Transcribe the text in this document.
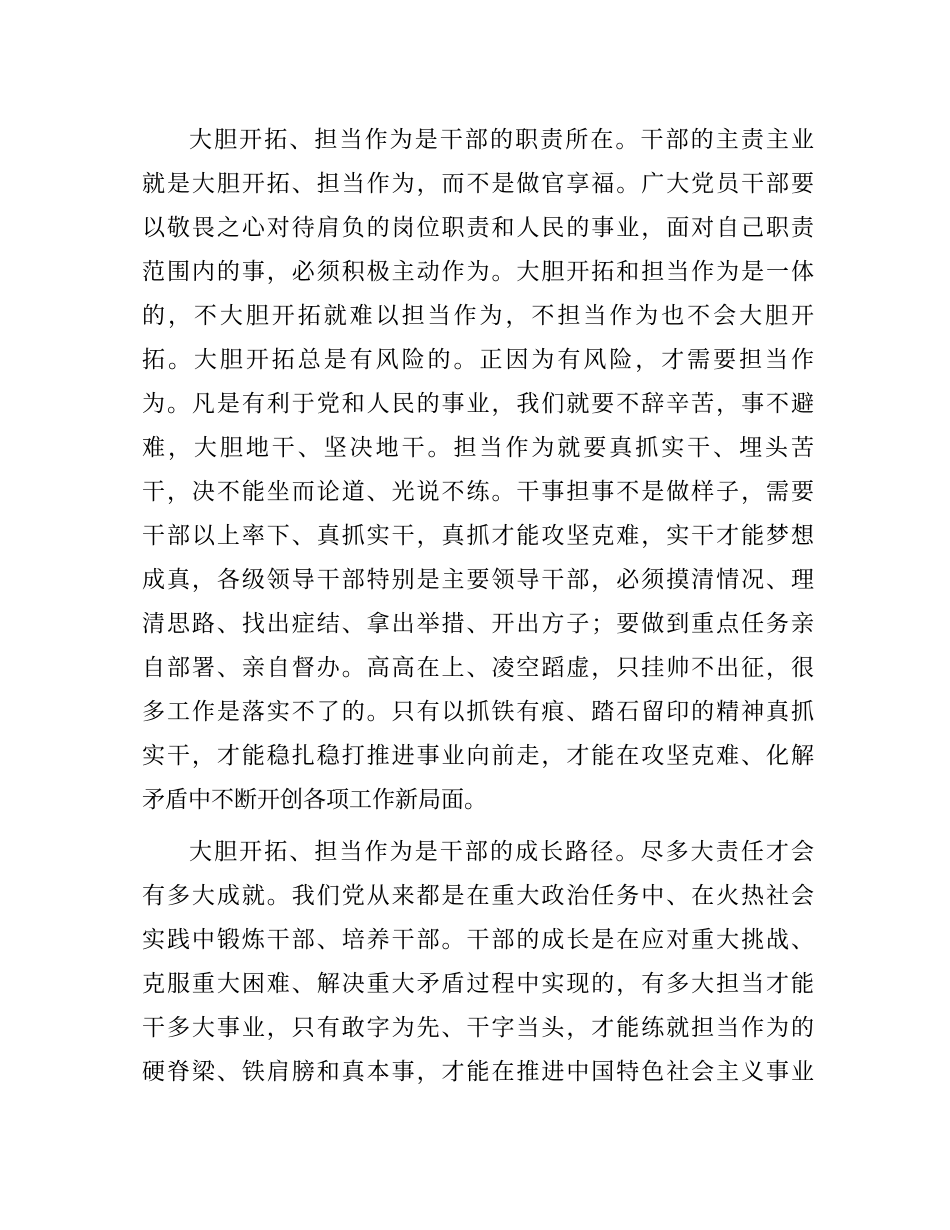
大胆开拓、担当作为是干部的职责所在。干部的主责主业
就是大胆开拓、担当作为，而不是做官享福。广大党员干部要
以敬畏之心对待肩负的岗位职责和人民的事业，面对自己职责
范围内的事，必须积极主动作为。大胆开拓和担当作为是一体
的，不大胆开拓就难以担当作为，不担当作为也不会大胆开
拓。大胆开拓总是有风险的。正因为有风险，才需要担当作
为。凡是有利于党和人民的事业，我们就要不辞辛苦，事不避
难，大胆地干、坚决地干。担当作为就要真抓实干、埋头苦
干，决不能坐而论道、光说不练。干事担事不是做样子，需要
干部以上率下、真抓实干，真抓才能攻坚克难，实干才能梦想
成真，各级领导干部特别是主要领导干部，必须摸清情况、理
清思路、找出症结、拿出举措、开出方子；要做到重点任务亲
自部署、亲自督办。高高在上、凌空蹈虚，只挂帅不出征，很
多工作是落实不了的。只有以抓铁有痕、踏石留印的精神真抓
实干，才能稳扎稳打推进事业向前走，才能在攻坚克难、化解
矛盾中不断开创各项工作新局面。
大胆开拓、担当作为是干部的成长路径。尽多大责任才会
有多大成就。我们党从来都是在重大政治任务中、在火热社会
实践中锻炼干部、培养干部。干部的成长是在应对重大挑战、
克服重大困难、解决重大矛盾过程中实现的，有多大担当才能
干多大事业，只有敢字为先、干字当头，才能练就担当作为的
硬脊梁、铁肩膀和真本事，才能在推进中国特色社会主义事业
